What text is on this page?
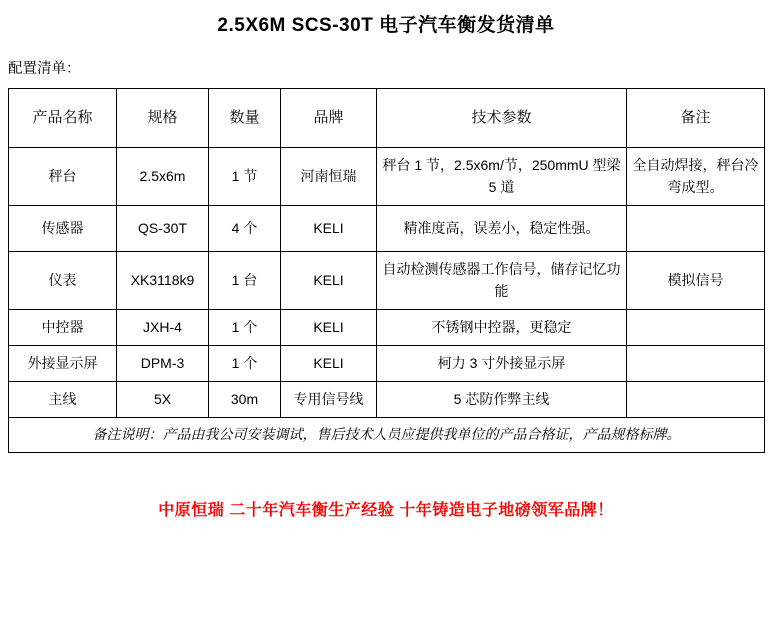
2.5X6M SCS-30T 电子汽车衡发货清单
配置清单：
产品名称	规格	数量	品牌	技术参数	备注
秤台	2.5x6m	1 节	河南恒瑞	秤台 1 节，2.5x6m/节，250mmU 型梁 5 道	全自动焊接，秤台冷弯成型。
传感器	QS-30T	4 个	KELI	精准度高，误差小，稳定性强。	
仪表	XK3118k9	1 台	KELI	自动检测传感器工作信号，储存记忆功能	模拟信号
中控器	JXH-4	1 个	KELI	不锈钢中控器，更稳定	
外接显示屏	DPM-3	1 个	KELI	柯力 3 寸外接显示屏	
主线	5X	30m	专用信号线	5 芯防作弊主线	
备注说明：产品由我公司安装调试，售后技术人员应提供我单位的产品合格证，产品规格标牌。					
中原恒瑞 二十年汽车衡生产经验 十年铸造电子地磅领军品牌！
